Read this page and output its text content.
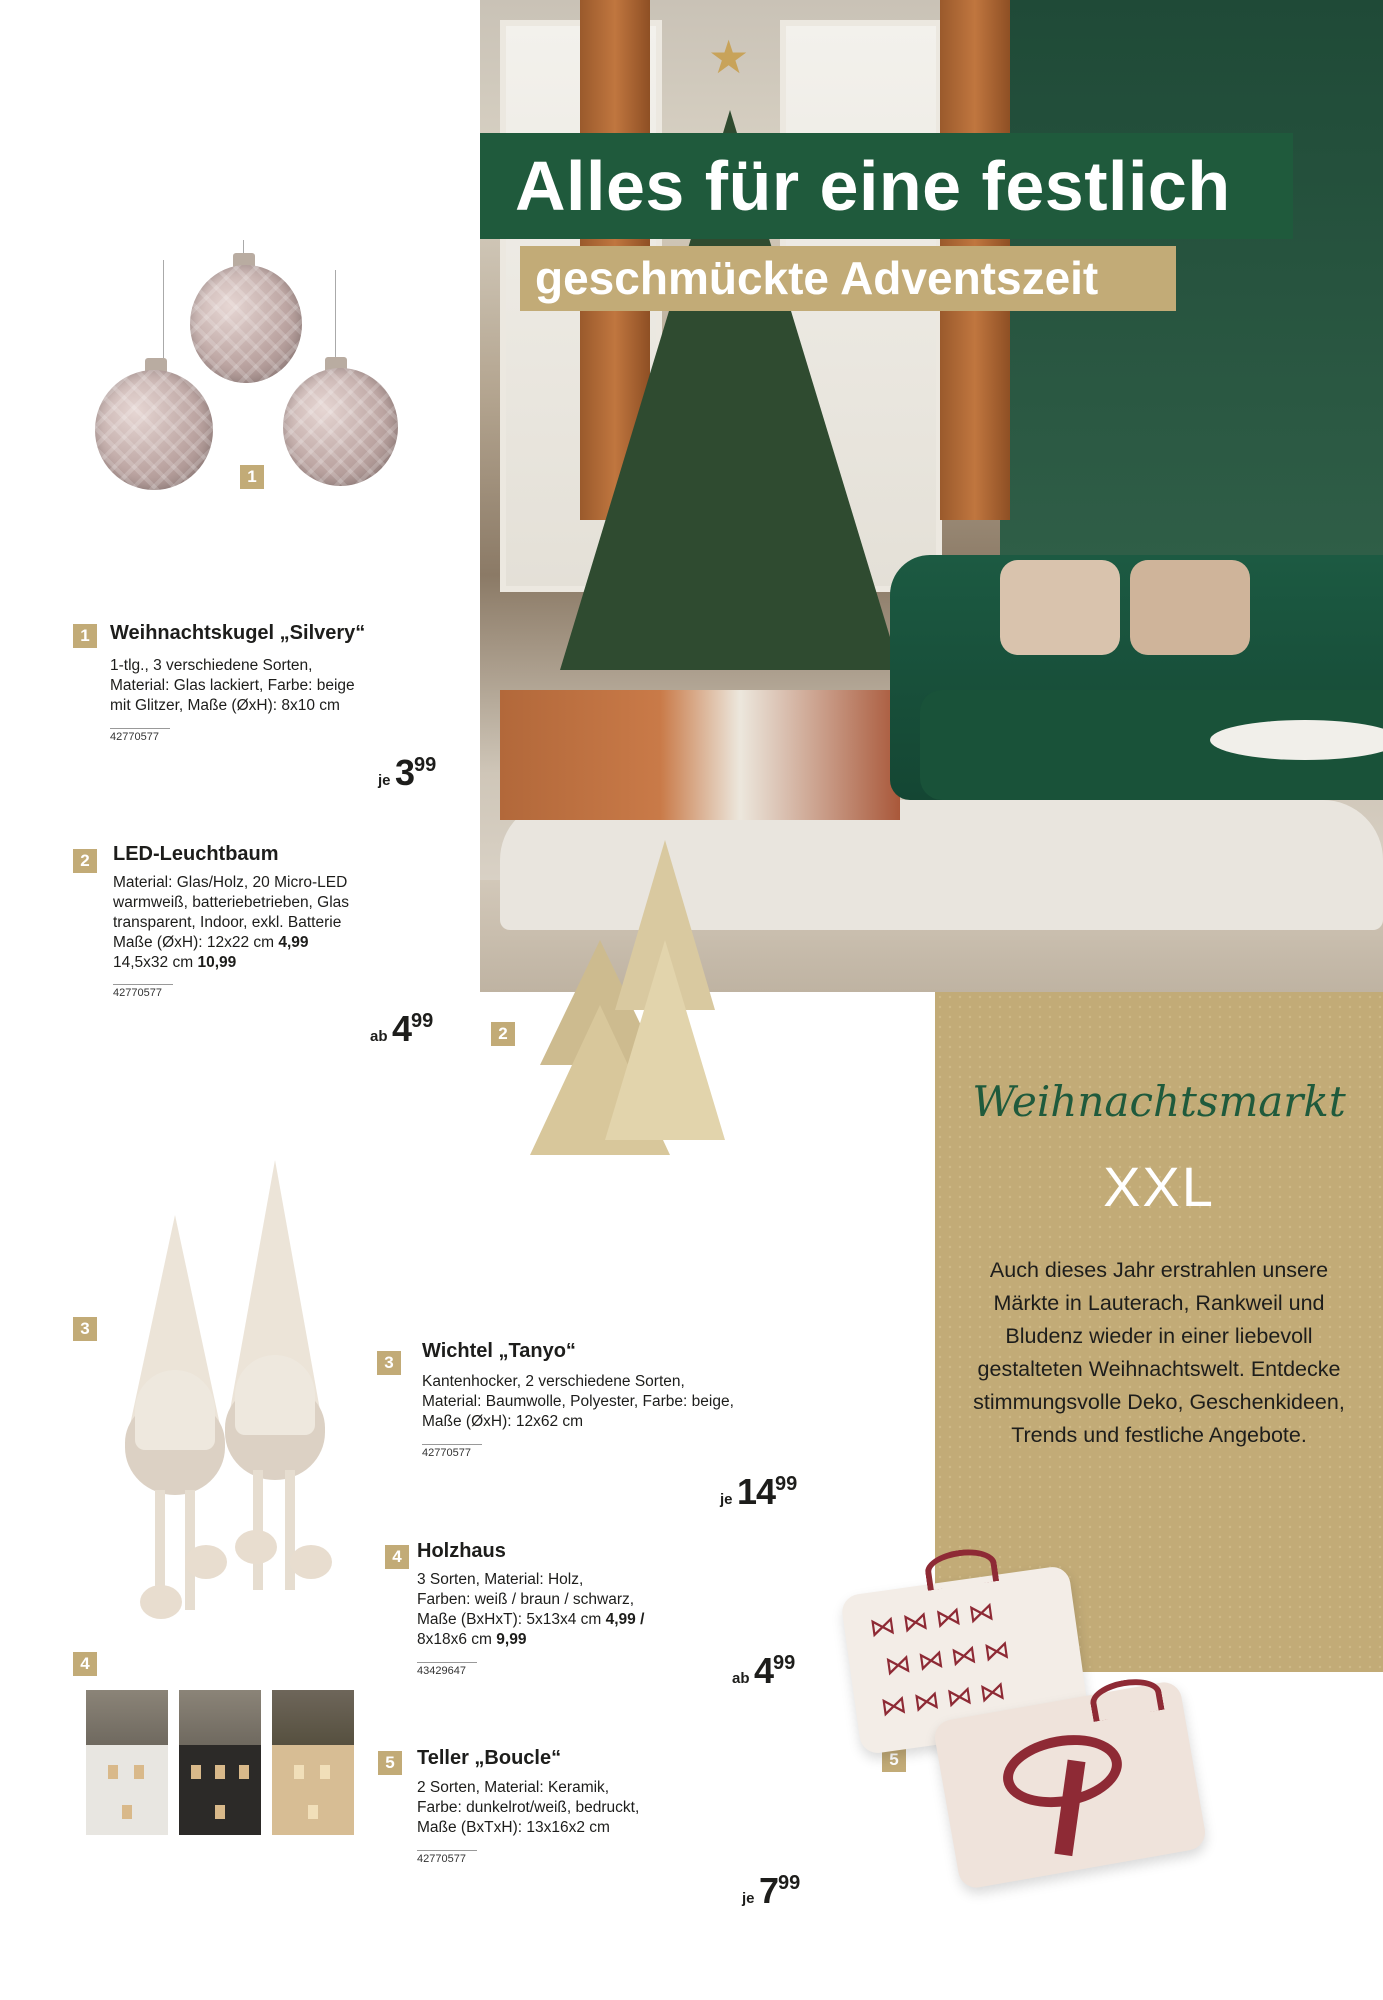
★
Alles für eine festlich
geschmückte Adventszeit
Weihnachtsmarkt
XXL
Auch dieses Jahr erstrahlen unsere Märkte in Lauterach, Rankweil und Bludenz wieder in einer liebevoll gestalteten Weihnachtswelt. Entdecke stimmungsvolle Deko, Geschenkideen, Trends und festliche Angebote.
1
1	Weihnachtskugel „Silvery“
1-tlg., 3 verschiedene Sorten,
Material: Glas lackiert, Farbe: beige
mit Glitzer, Maße (ØxH): 8x10 cm
42770577
je 399
2	LED-Leuchtbaum
Material: Glas/Holz, 20 Micro-LED
warmweiß, batteriebetrieben, Glas
transparent, Indoor, exkl. Batterie
Maße (ØxH): 12x22 cm 4,99
14,5x32 cm 10,99
42770577
ab 499
2
3
3
Wichtel „Tanyo“
Kantenhocker, 2 verschiedene Sorten,
Material: Baumwolle, Polyester, Farbe: beige,
Maße (ØxH): 12x62 cm
42770577
je 1499
4 Holzhaus
3 Sorten, Material: Holz,
Farben: weiß / braun / schwarz,
Maße (BxHxT): 5x13x4 cm 4,99 /
8x18x6 cm 9,99
43429647	ab 499
4
5	Teller „Boucle“
2 Sorten, Material: Keramik,
Farbe: dunkelrot/weiß, bedruckt,
Maße (BxTxH): 13x16x2 cm
42770577
je 799
5
⋈ ⋈ ⋈ ⋈
⋈ ⋈ ⋈ ⋈
⋈ ⋈ ⋈ ⋈
